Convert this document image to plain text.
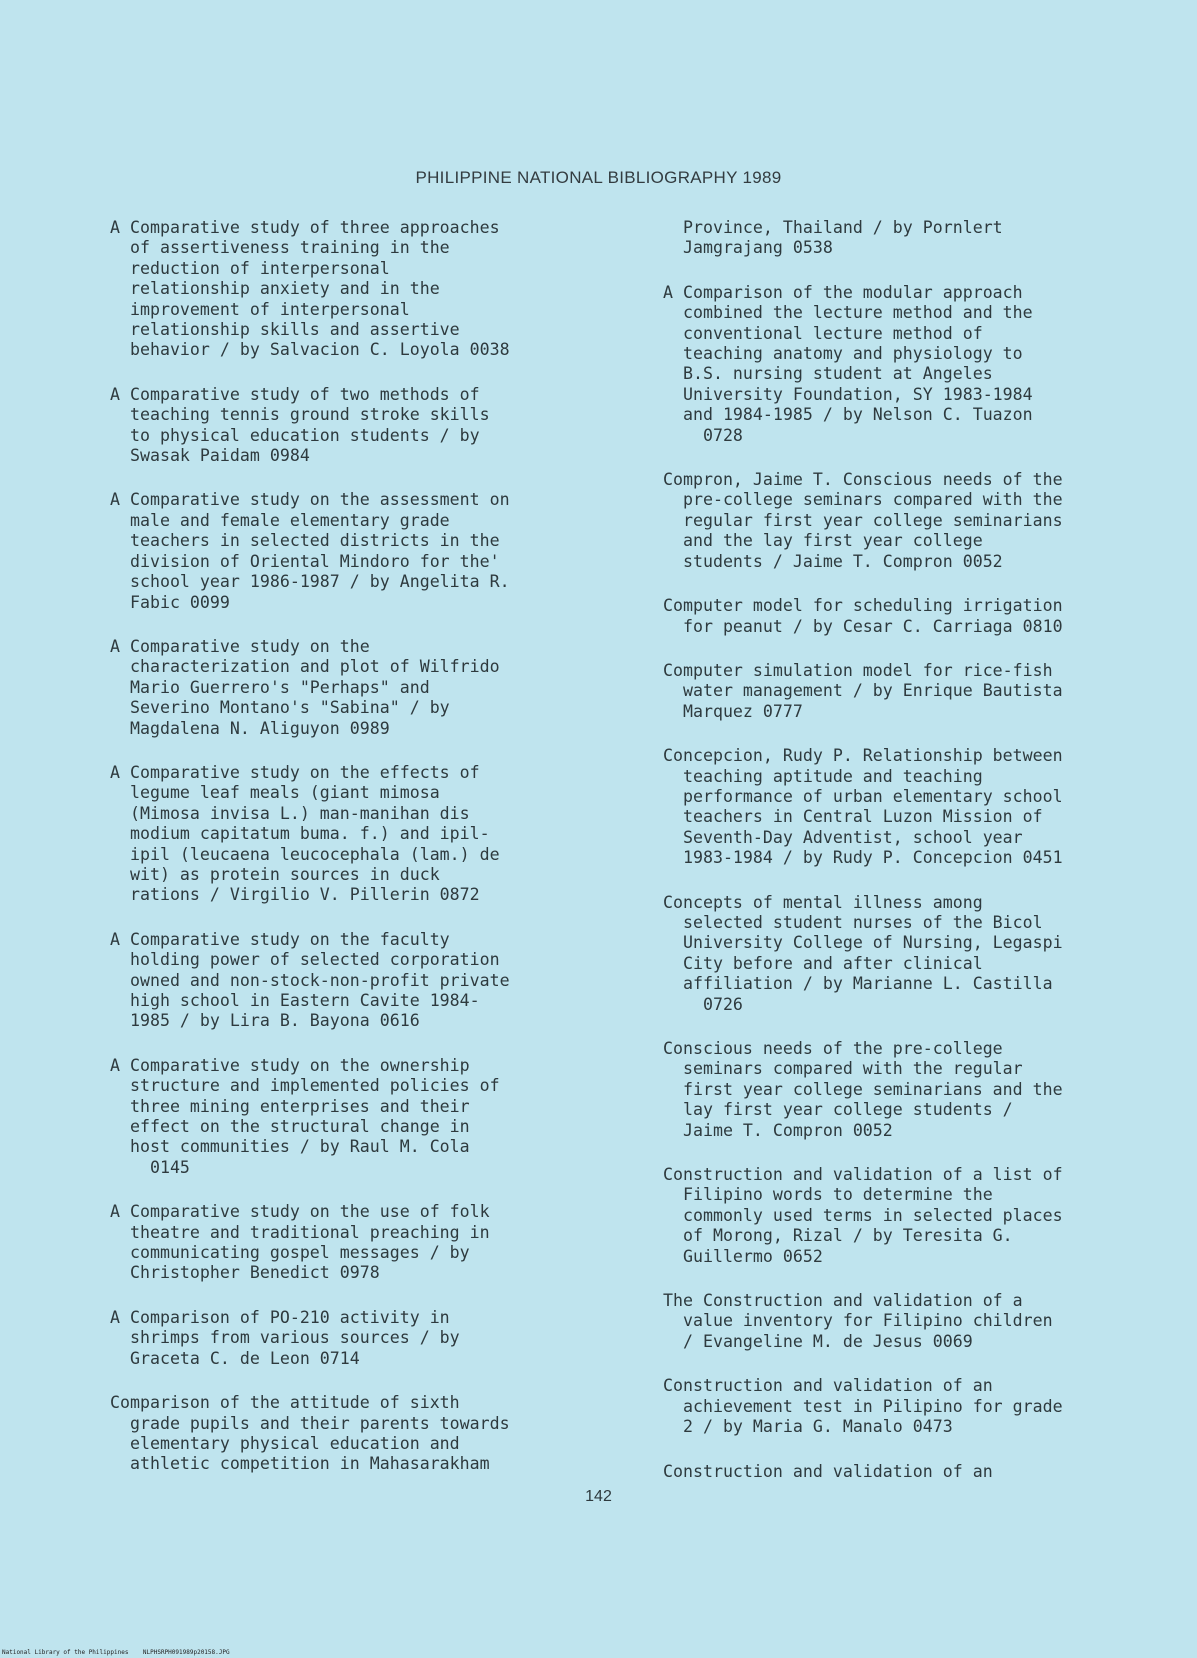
PHILIPPINE NATIONAL BIBLIOGRAPHY 1989
A Comparative study of three approaches
of assertiveness training in the
reduction of interpersonal
relationship anxiety and in the
improvement of interpersonal
relationship skills and assertive
behavior / by Salvacion C. Loyola 0038
A Comparative study of two methods of
teaching tennis ground stroke skills
to physical education students / by
Swasak Paidam 0984
A Comparative study on the assessment on
male and female elementary grade
teachers in selected districts in the
division of Oriental Mindoro for the'
school year 1986-1987 / by Angelita R.
Fabic 0099
A Comparative study on the
characterization and plot of Wilfrido
Mario Guerrero's "Perhaps" and
Severino Montano's "Sabina" / by
Magdalena N. Aliguyon 0989
A Comparative study on the effects of
legume leaf meals (giant mimosa
(Mimosa invisa L.) man-manihan dis
modium capitatum buma. f.) and ipil-
ipil (leucaena leucocephala (lam.) de
wit) as protein sources in duck
rations / Virgilio V. Pillerin 0872
A Comparative study on the faculty
holding power of selected corporation
owned and non-stock-non-profit private
high school in Eastern Cavite 1984-
1985 / by Lira B. Bayona 0616
A Comparative study on the ownership
structure and implemented policies of
three mining enterprises and their
effect on the structural change in
host communities / by Raul M. Cola
0145
A Comparative study on the use of folk
theatre and traditional preaching in
communicating gospel messages / by
Christopher Benedict 0978
A Comparison of PO-210 activity in
shrimps from various sources / by
Graceta C. de Leon 0714
Comparison of the attitude of sixth
grade pupils and their parents towards
elementary physical education and
athletic competition in Mahasarakham
Province, Thailand / by Pornlert
Jamgrajang 0538
A Comparison of the modular approach
combined the lecture method and the
conventional lecture method of
teaching anatomy and physiology to
B.S. nursing student at Angeles
University Foundation, SY 1983-1984
and 1984-1985 / by Nelson C. Tuazon
0728
Compron, Jaime T. Conscious needs of the
pre-college seminars compared with the
regular first year college seminarians
and the lay first year college
students / Jaime T. Compron 0052
Computer model for scheduling irrigation
for peanut / by Cesar C. Carriaga 0810
Computer simulation model for rice-fish
water management / by Enrique Bautista
Marquez 0777
Concepcion, Rudy P. Relationship between
teaching aptitude and teaching
performance of urban elementary school
teachers in Central Luzon Mission of
Seventh-Day Adventist, school year
1983-1984 / by Rudy P. Concepcion 0451
Concepts of mental illness among
selected student nurses of the Bicol
University College of Nursing, Legaspi
City before and after clinical
affiliation / by Marianne L. Castilla
0726
Conscious needs of the pre-college
seminars compared with the regular
first year college seminarians and the
lay first year college students /
Jaime T. Compron 0052
Construction and validation of a list of
Filipino words to determine the
commonly used terms in selected places
of Morong, Rizal / by Teresita G.
Guillermo 0652
The Construction and validation of a
value inventory for Filipino children
/ Evangeline M. de Jesus 0069
Construction and validation of an
achievement test in Pilipino for grade
2 / by Maria G. Manalo 0473
Construction and validation of an
142
National Library of the Philippines NLPHSRPH091989p20158.JPG
